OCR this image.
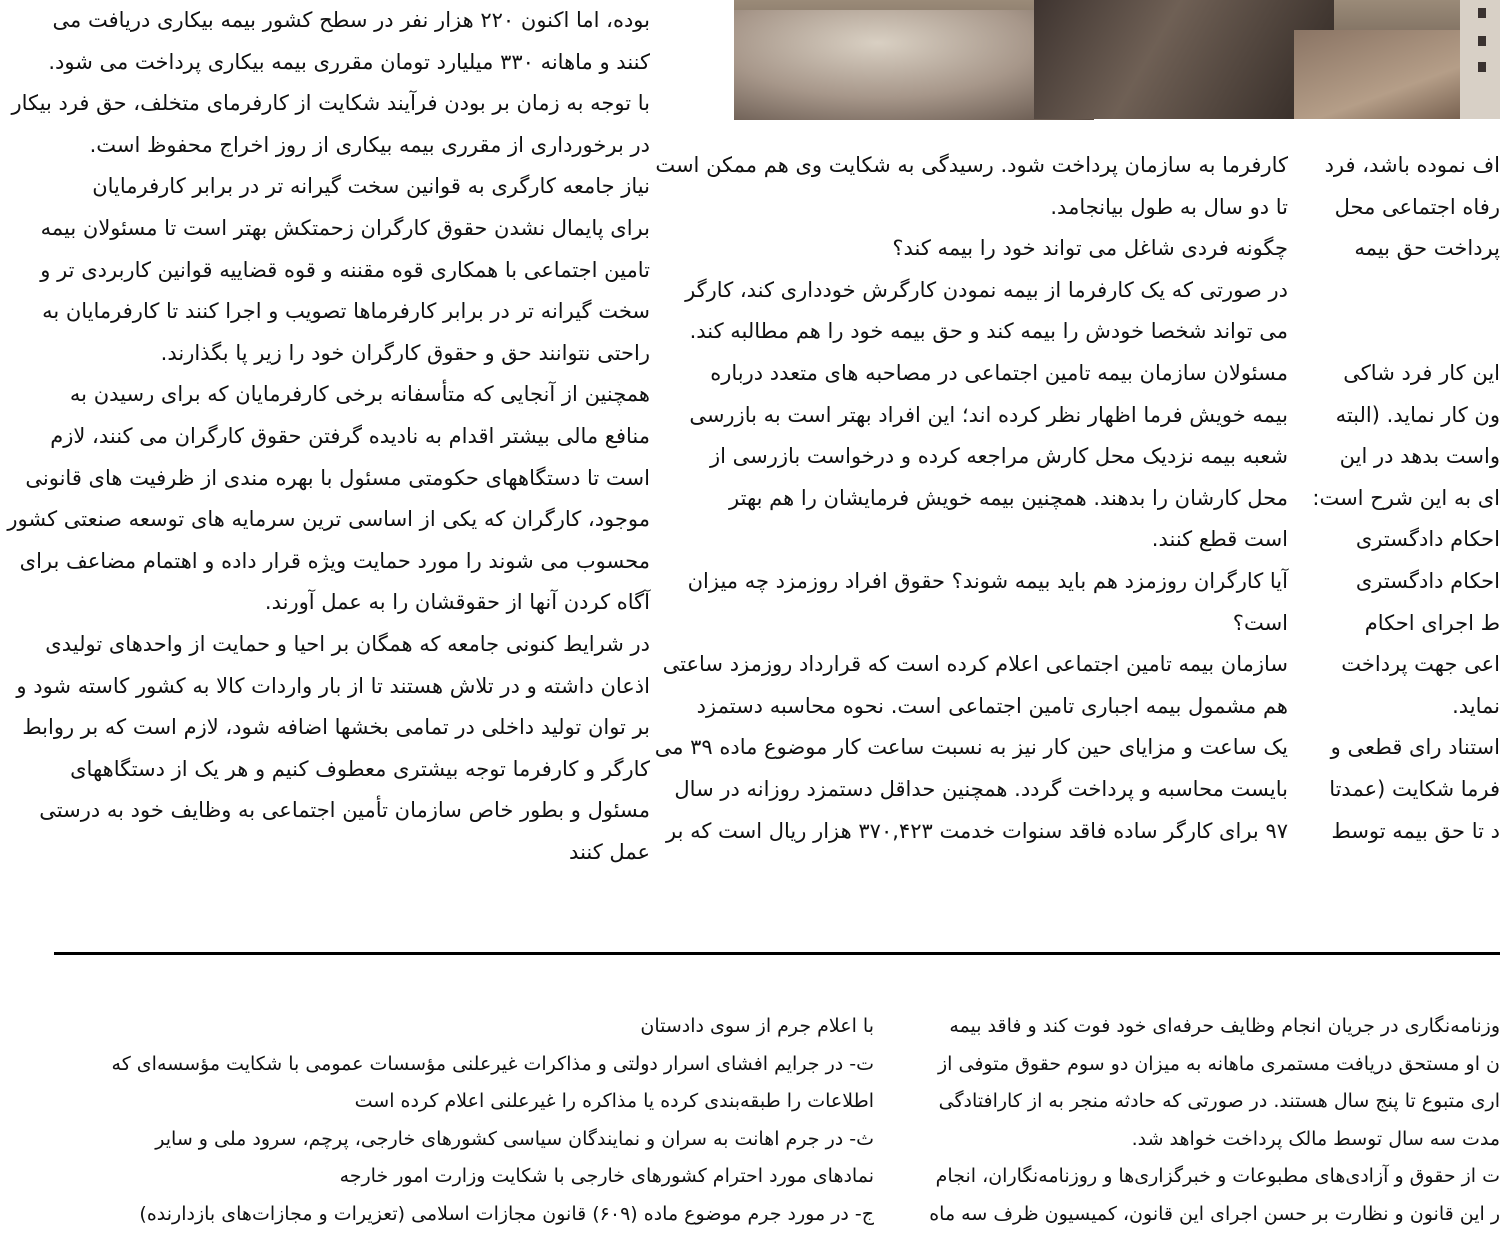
بوده، اما اکنون ۲۲۰ هزار نفر در سطح کشور بیمه بیکاری دریافت می
کنند و ماهانه ۳۳۰ میلیارد تومان مقرری بیمه بیکاری پرداخت می شود.
با توجه به زمان بر بودن فرآیند شکایت از کارفرمای متخلف، حق فرد بیکار
در برخورداری از مقرری بیمه بیکاری از روز اخراج محفوظ است.
نیاز جامعه کارگری به قوانین سخت گیرانه تر در برابر کارفرمایان
برای پایمال نشدن حقوق کارگران زحمتکش بهتر است تا مسئولان بیمه
تامین اجتماعی با همکاری قوه مقننه و قوه قضاییه قوانین کاربردی تر و
سخت گیرانه تر در برابر کارفرماها تصویب و اجرا کنند تا کارفرمایان به
راحتی نتوانند حق و حقوق کارگران خود را زیر پا بگذارند.
همچنین از آنجایی که متأسفانه برخی کارفرمایان که برای رسیدن به
منافع مالی بیشتر اقدام به نادیده گرفتن حقوق کارگران می کنند، لازم
است تا دستگاههای حکومتی مسئول با بهره مندی از ظرفیت های قانونی
موجود، کارگران که یکی از اساسی ترین سرمایه های توسعه صنعتی کشور
محسوب می شوند را مورد حمایت ویژه قرار داده و اهتمام مضاعف برای
آگاه کردن آنها از حقوقشان را به عمل آورند.
در شرایط کنونی جامعه که همگان بر احیا و حمایت از واحدهای تولیدی
اذعان داشته و در تلاش هستند تا از بار واردات کالا به کشور کاسته شود و
بر توان تولید داخلی در تمامی بخشها اضافه شود، لازم است که بر روابط
کارگر و کارفرما توجه بیشتری معطوف کنیم و هر یک از دستگاههای
مسئول و بطور خاص سازمان تأمین اجتماعی به وظایف خود به درستی
عمل کنند
کارفرما به سازمان پرداخت شود. رسیدگی به شکایت وی هم ممکن است
تا دو سال به طول بیانجامد.
چگونه فردی شاغل می تواند خود را بیمه کند؟
در صورتی که یک کارفرما از بیمه نمودن کارگرش خودداری کند، کارگر
می تواند شخصا خودش را بیمه کند و حق بیمه خود را هم مطالبه کند.
مسئولان سازمان بیمه تامین اجتماعی در مصاحبه های متعدد درباره
بیمه خویش فرما اظهار نظر کرده اند؛ این افراد بهتر است به بازرسی
شعبه بیمه نزدیک محل کارش مراجعه کرده و درخواست بازرسی از
محل کارشان را بدهند. همچنین بیمه خویش فرمایشان را هم بهتر
است قطع کنند.
آیا کارگران روزمزد هم باید بیمه شوند؟ حقوق افراد روزمزد چه میزان
است؟
سازمان بیمه تامین اجتماعی اعلام کرده است که قرارداد روزمزد ساعتی
هم مشمول بیمه اجباری تامین اجتماعی است. نحوه محاسبه دستمزد
یک ساعت و مزایای حین کار نیز به نسبت ساعت کار موضوع ماده ۳۹ می
بایست محاسبه و پرداخت گردد. همچنین حداقل دستمزد روزانه در سال
۹۷ برای کارگر ساده فاقد سنوات خدمت ۳۷۰,۴۲۳ هزار ریال است که بر
اف نموده باشد، فرد
رفاه اجتماعی محل
پرداخت حق بیمه
این کار فرد شاکی
ون کار نماید. (البته
واست بدهد در این
ای به این شرح است:
احکام دادگستری
احکام دادگستری
ط اجرای احکام
اعی جهت پرداخت
نماید.
استناد رای قطعی و
فرما شکایت (عمدتا
د تا حق بیمه توسط
با اعلام جرم از سوی دادستان
ت- در جرایم افشای اسرار دولتی و مذاکرات غیرعلنی مؤسسات عمومی با شکایت مؤسسه‌ای که
اطلاعات را طبقه‌بندی کرده یا مذاکره را غیرعلنی اعلام کرده است
ث- در جرم اهانت به سران و نمایندگان سیاسی کشورهای خارجی، پرچم، سرود ملی و سایر
نمادهای مورد احترام کشورهای خارجی با شکایت وزارت امور خارجه
ج- در مورد جرم موضوع ماده (۶۰۹) قانون مجازات اسلامی (تعزیرات و مجازات‌های بازدارنده)
وزنامه‌نگاری در جریان انجام وظایف حرفه‌ای خود فوت کند و فاقد بیمه
ن او مستحق دریافت مستمری ماهانه به میزان دو سوم حقوق متوفی از
اری متبوع تا پنج سال هستند. در صورتی که حادثه منجر به از کارافتادگی
مدت سه سال توسط مالک پرداخت خواهد شد.
ت از حقوق و آزادی‌های مطبوعات و خبرگزاری‌ها و روزنامه‌نگاران، انجام
ر این قانون و نظارت بر حسن اجرای این قانون، کمیسیون ظرف سه ماه
